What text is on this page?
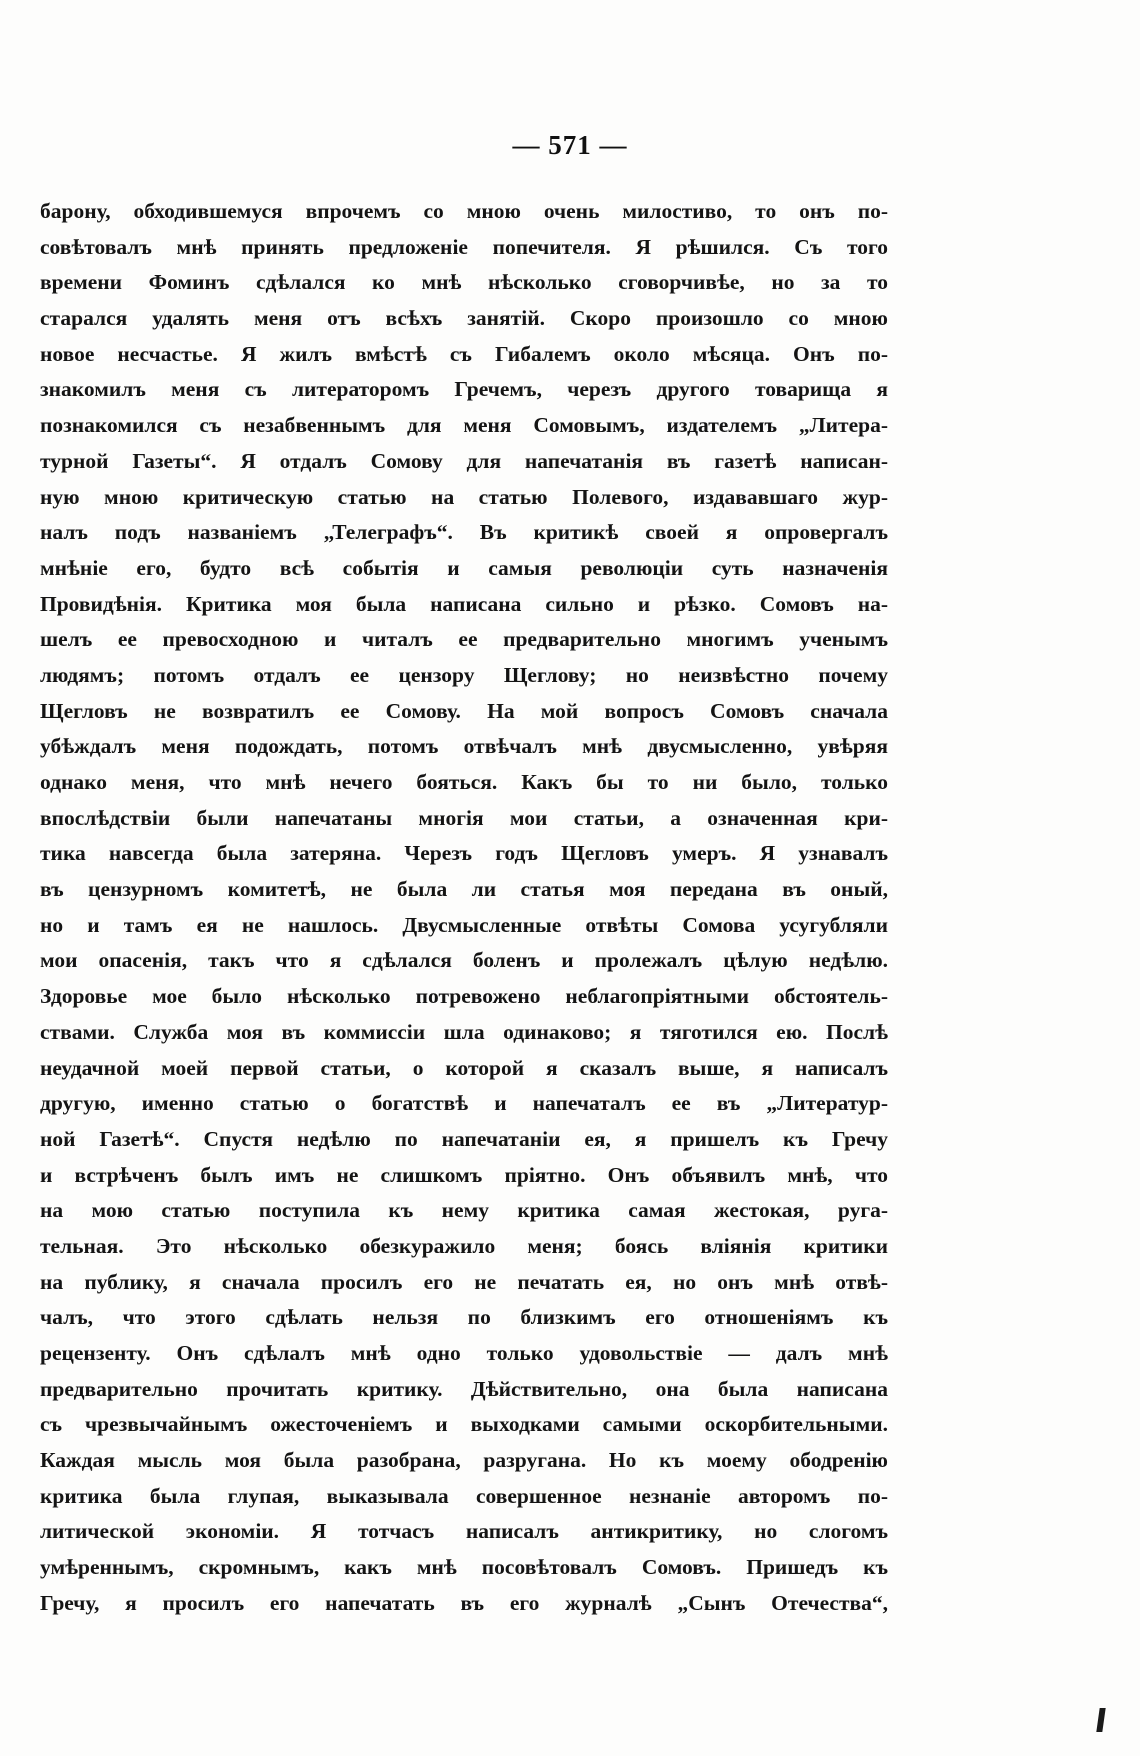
— 571 —
барону, обходившемуся впрочемъ со мною очень милостиво, то онъ по-
совѣтовалъ мнѣ принять предложеніе попечителя. Я рѣшился. Съ того
времени Фоминъ сдѣлался ко мнѣ нѣсколько сговорчивѣе, но за то
старался удалять меня отъ всѣхъ занятій. Скоро произошло со мною
новое несчастье. Я жилъ вмѣстѣ съ Гибалемъ около мѣсяца. Онъ по-
знакомилъ меня съ литераторомъ Гречемъ, черезъ другого товарища я
познакомился съ незабвеннымъ для меня Сомовымъ, издателемъ „Литера-
турной Газеты“. Я отдалъ Сомову для напечатанія въ газетѣ написан-
ную мною критическую статью на статью Полевого, издававшаго жур-
налъ подъ названіемъ „Телеграфъ“. Въ критикѣ своей я опровергалъ
мнѣніе его, будто всѣ событія и самыя революціи суть назначенія
Провидѣнія. Критика моя была написана сильно и рѣзко. Сомовъ на-
шелъ ее превосходною и читалъ ее предварительно многимъ ученымъ
людямъ; потомъ отдалъ ее цензору Щеглову; но неизвѣстно почему
Щегловъ не возвратилъ ее Сомову. На мой вопросъ Сомовъ сначала
убѣждалъ меня подождать, потомъ отвѣчалъ мнѣ двусмысленно, увѣряя
однако меня, что мнѣ нечего бояться. Какъ бы то ни было, только
впослѣдствіи были напечатаны многія мои статьи, а означенная кри-
тика навсегда была затеряна. Черезъ годъ Щегловъ умеръ. Я узнавалъ
въ цензурномъ комитетѣ, не была ли статья моя передана въ оный,
но и тамъ ея не нашлось. Двусмысленные отвѣты Сомова усугубляли
мои опасенія, такъ что я сдѣлался боленъ и пролежалъ цѣлую недѣлю.
Здоровье мое было нѣсколько потревожено неблагопріятными обстоятель-
ствами. Служба моя въ коммиссіи шла одинаково; я тяготился ею. Послѣ
неудачной моей первой статьи, о которой я сказалъ выше, я написалъ
другую, именно статью о богатствѣ и напечаталъ ее въ „Литератур-
ной Газетѣ“. Спустя недѣлю по напечатаніи ея, я пришелъ къ Гречу
и встрѣченъ былъ имъ не слишкомъ пріятно. Онъ объявилъ мнѣ, что
на мою статью поступила къ нему критика самая жестокая, руга-
тельная. Это нѣсколько обезкуражило меня; боясь вліянія критики
на публику, я сначала просилъ его не печатать ея, но онъ мнѣ отвѣ-
чалъ, что этого сдѣлать нельзя по близкимъ его отношеніямъ къ
рецензенту. Онъ сдѣлалъ мнѣ одно только удовольствіе — далъ мнѣ
предварительно прочитать критику. Дѣйствительно, она была написана
съ чрезвычайнымъ ожесточеніемъ и выходками самыми оскорбительными.
Каждая мысль моя была разобрана, разругана. Но къ моему ободренію
критика была глупая, выказывала совершенное незнаніе авторомъ по-
литической экономіи. Я тотчасъ написалъ антикритику, но слогомъ
умѣреннымъ, скромнымъ, какъ мнѣ посовѣтовалъ Сомовъ. Пришедъ къ
Гречу, я просилъ его напечатать въ его журналѣ „Сынъ Отечества“,
